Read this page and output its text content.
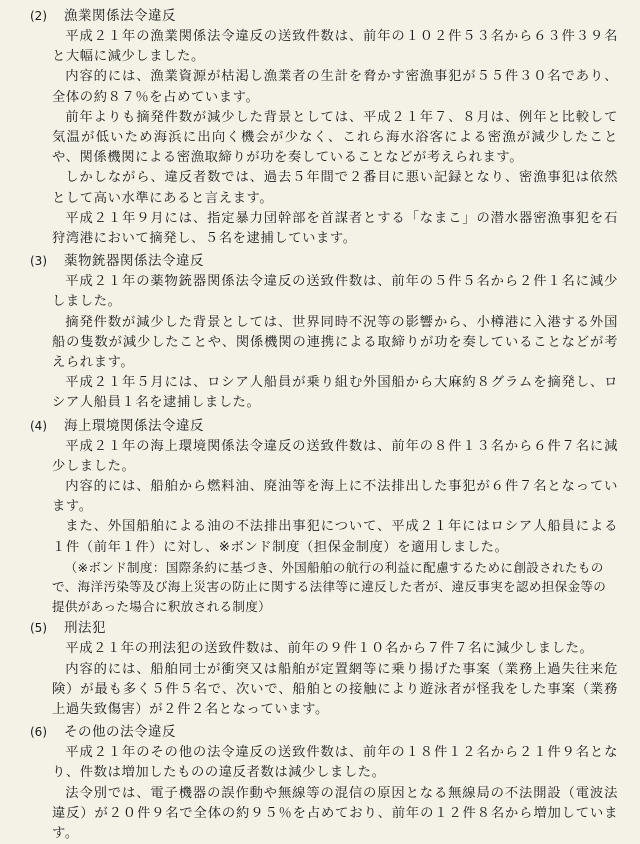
(2)	漁業関係法令違反

平成２１年の漁業関係法令違反の送致件数は、前年の１０２件５３名から６３件３９名と大幅に減少しました。

内容的には、漁業資源が枯渇し漁業者の生計を脅かす密漁事犯が５５件３０名であり、全体の約８７％を占めています。

前年よりも摘発件数が減少した背景としては、平成２１年７、８月は、例年と比較して気温が低いため海浜に出向く機会が少なく、これら海水浴客による密漁が減少したことや、関係機関による密漁取締りが功を奏していることなどが考えられます。

しかしながら、違反者数では、過去５年間で２番目に悪い記録となり、密漁事犯は依然として高い水準にあると言えます。

平成２１年９月には、指定暴力団幹部を首謀者とする「なまこ」の潜水器密漁事犯を石狩湾港において摘発し、５名を逮捕しています。

(3)	薬物銃器関係法令違反

平成２１年の薬物銃器関係法令違反の送致件数は、前年の５件５名から２件１名に減少しました。

摘発件数が減少した背景としては、世界同時不況等の影響から、小樽港に入港する外国船の隻数が減少したことや、関係機関の連携による取締りが功を奏していることなどが考えられます。

平成２１年５月には、ロシア人船員が乗り組む外国船から大麻約８グラムを摘発し、ロシア人船員１名を逮捕しました。

(4)	海上環境関係法令違反

平成２１年の海上環境関係法令違反の送致件数は、前年の８件１３名から６件７名に減少しました。

内容的には、船舶から燃料油、廃油等を海上に不法排出した事犯が６件７名となっています。

また、外国船舶による油の不法排出事犯について、平成２１年にはロシア人船員による１件（前年１件）に対し、※ボンド制度（担保金制度）を適用しました。

（※ボンド制度：国際条約に基づき、外国船舶の航行の利益に配慮するために創設されたもので、海洋汚染等及び海上災害の防止に関する法律等に違反した者が、違反事実を認め担保金等の提供があった場合に釈放される制度）

(5)	刑法犯

平成２１年の刑法犯の送致件数は、前年の９件１０名から７件７名に減少しました。

内容的には、船舶同士が衝突又は船舶が定置網等に乗り揚げた事案（業務上過失往来危険）が最も多く５件５名で、次いで、船舶との接触により遊泳者が怪我をした事案（業務上過失致傷害）が２件２名となっています。

(6)	その他の法令違反

平成２１年のその他の法令違反の送致件数は、前年の１８件１２名から２１件９名となり、件数は増加したものの違反者数は減少しました。

法令別では、電子機器の誤作動や無線等の混信の原因となる無線局の不法開設（電波法違反）が２０件９名で全体の約９５％を占めており、前年の１２件８名から増加しています。
